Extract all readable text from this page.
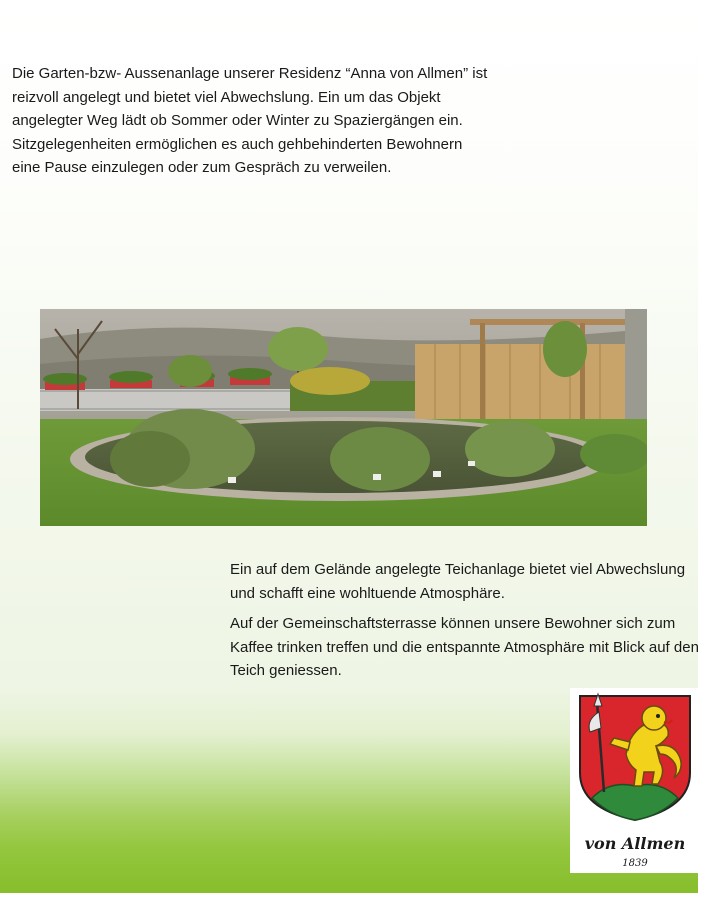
Die Garten-bzw- Aussenanlage unserer Residenz “Anna von Allmen” ist reizvoll angelegt und bietet viel Abwechslung. Ein um das Objekt angelegter Weg lädt ob Sommer oder Winter zu Spaziergängen ein. Sitzgelegenheiten ermöglichen es auch gehbehinderten Bewohnern eine Pause einzulegen oder zum Gespräch zu verweilen.

Ein auf dem Gelände angelegte Teichanlage bietet viel Abwechslung und schafft eine wohltuende Atmosphäre.

Auf der Gemeinschaftsterrasse können unsere Bewohner sich zum Kaffee trinken treffen und die entspannte Atmosphäre mit Blick auf den Teich geniessen.

von Allmen
1839
